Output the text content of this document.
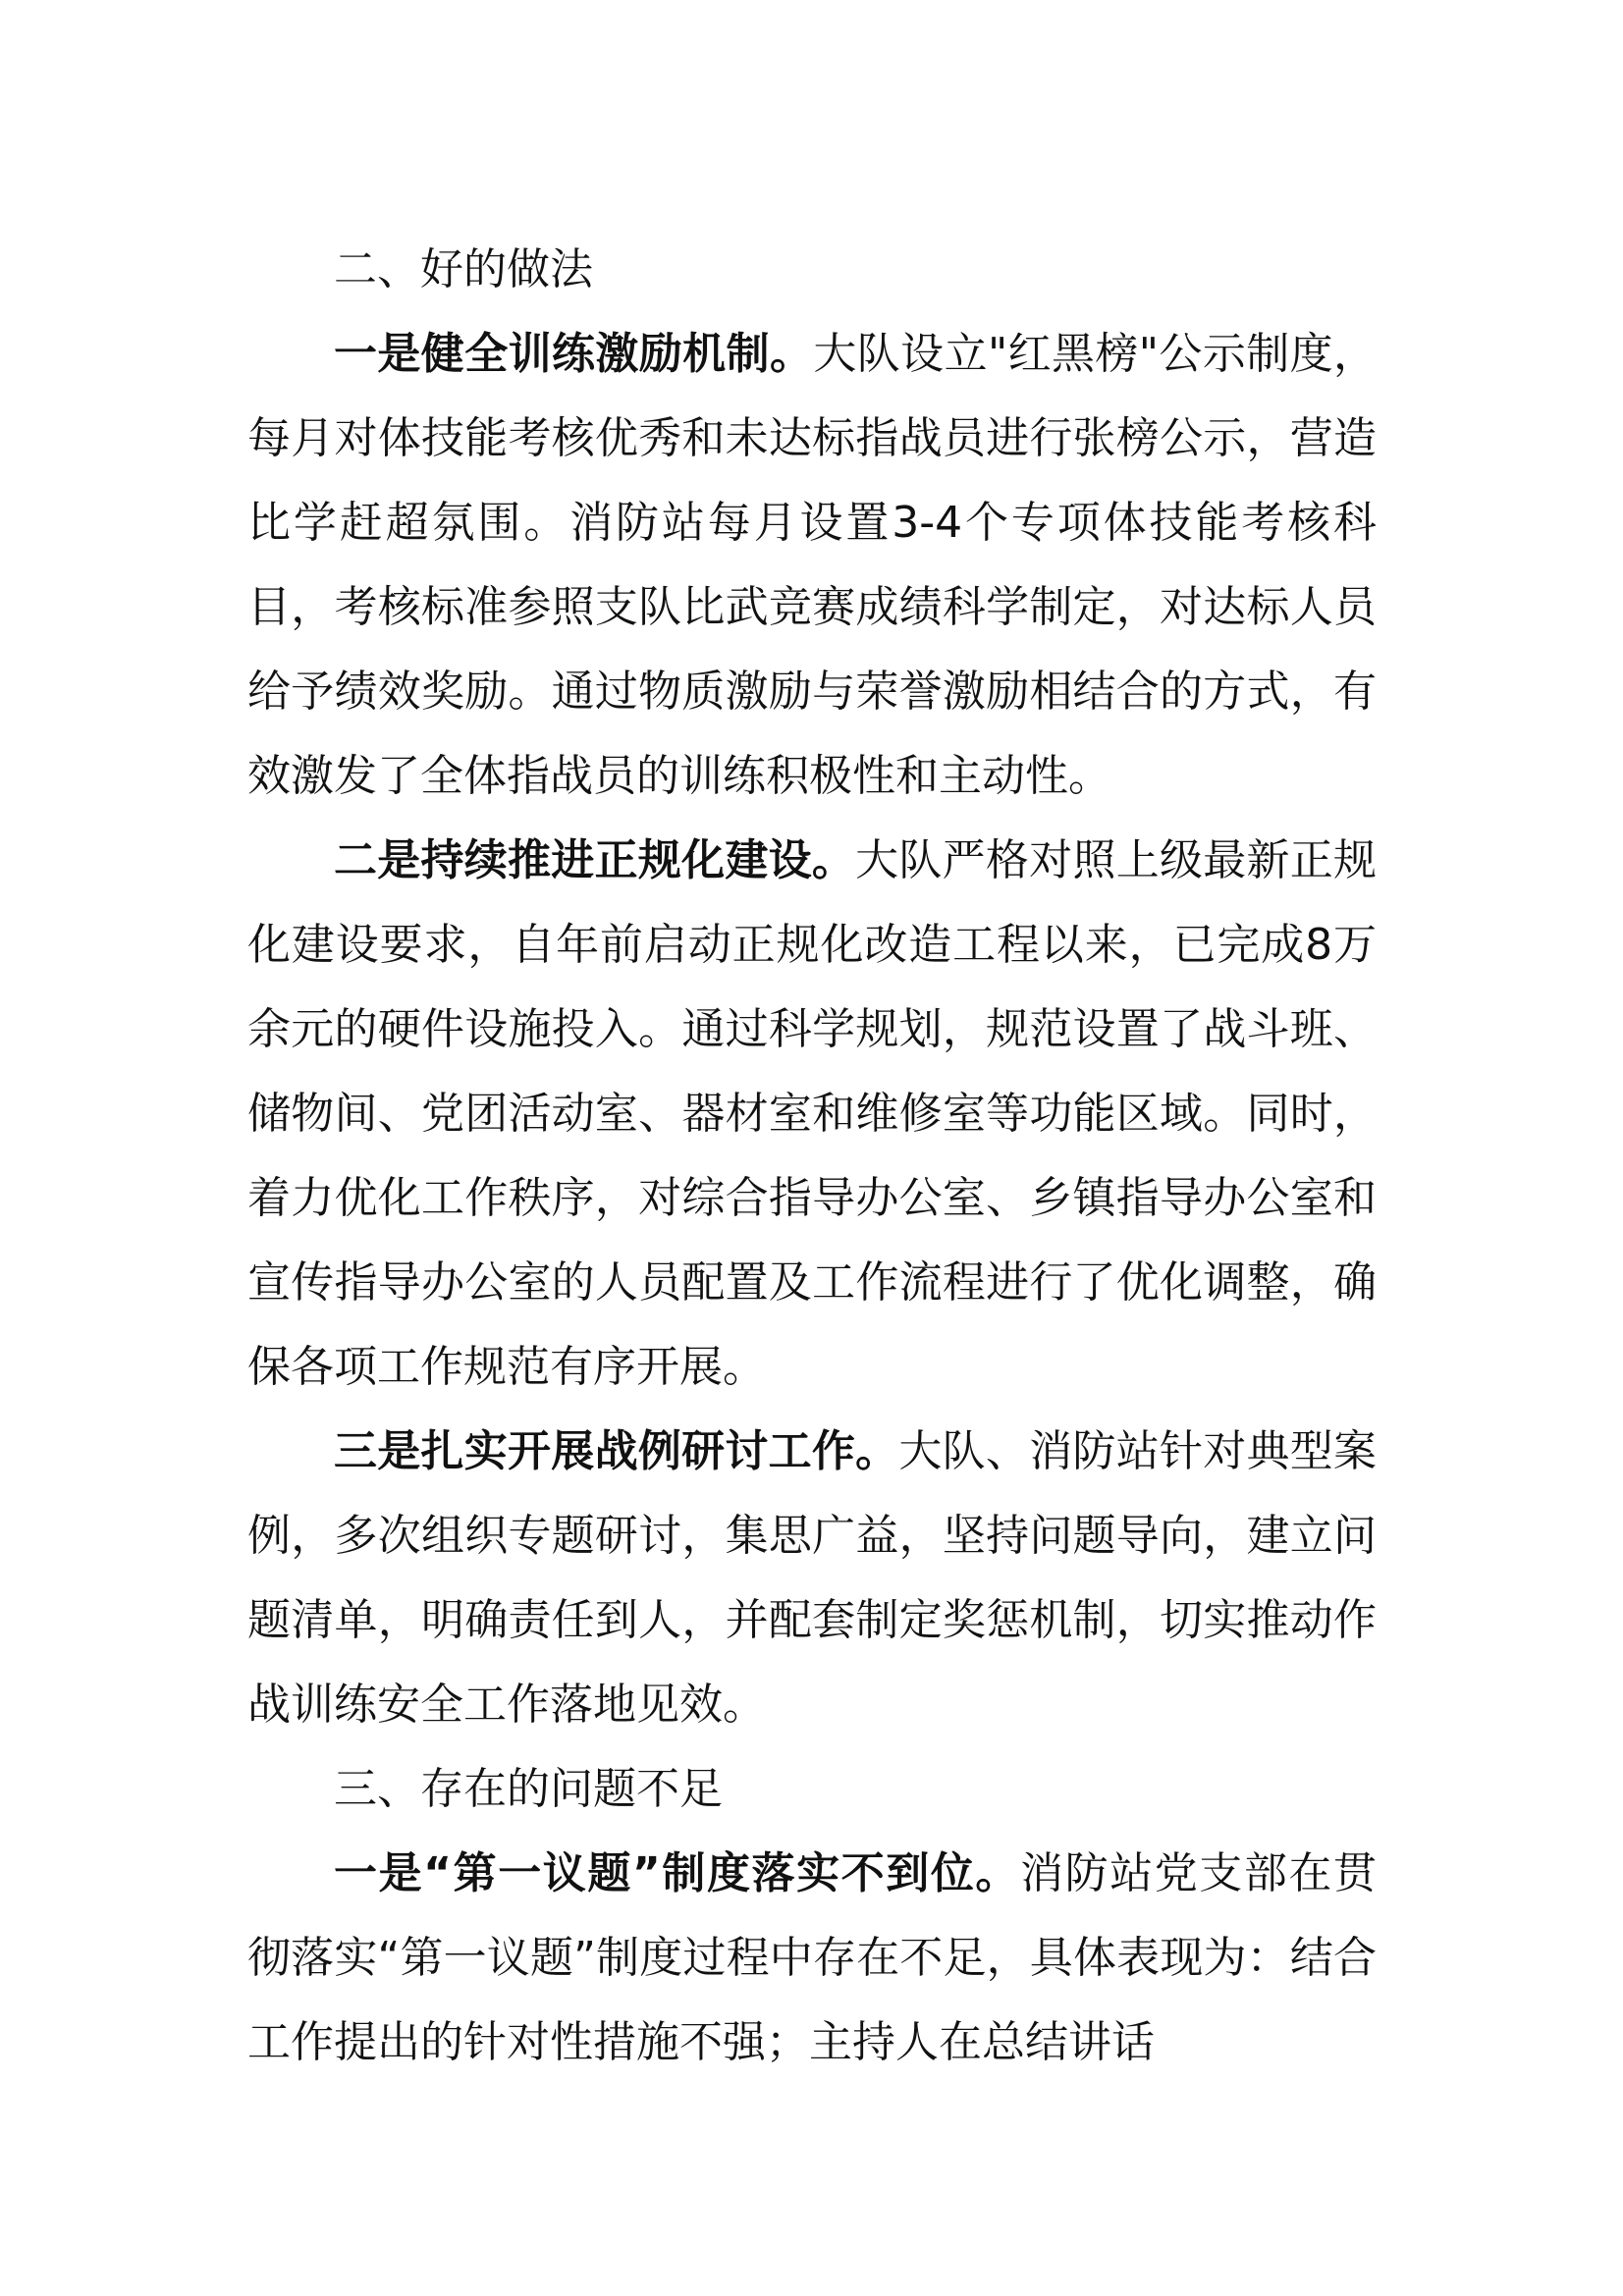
二、好的做法

一是健全训练激励机制。大队设立"红黑榜"公示制度，每月对体技能考核优秀和未达标指战员进行张榜公示，营造比学赶超氛围。消防站每月设置3-4个专项体技能考核科目，考核标准参照支队比武竞赛成绩科学制定，对达标人员给予绩效奖励。通过物质激励与荣誉激励相结合的方式，有效激发了全体指战员的训练积极性和主动性。

二是持续推进正规化建设。大队严格对照上级最新正规化建设要求，自年前启动正规化改造工程以来，已完成8万余元的硬件设施投入。通过科学规划，规范设置了战斗班、储物间、党团活动室、器材室和维修室等功能区域。同时，着力优化工作秩序，对综合指导办公室、乡镇指导办公室和宣传指导办公室的人员配置及工作流程进行了优化调整，确保各项工作规范有序开展。

三是扎实开展战例研讨工作。大队、消防站针对典型案例，多次组织专题研讨，集思广益，坚持问题导向，建立问题清单，明确责任到人，并配套制定奖惩机制，切实推动作战训练安全工作落地见效。

三、存在的问题不足

一是“第一议题”制度落实不到位。消防站党支部在贯彻落实“第一议题”制度过程中存在不足，具体表现为：结合工作提出的针对性措施不强；主持人在总结讲话
